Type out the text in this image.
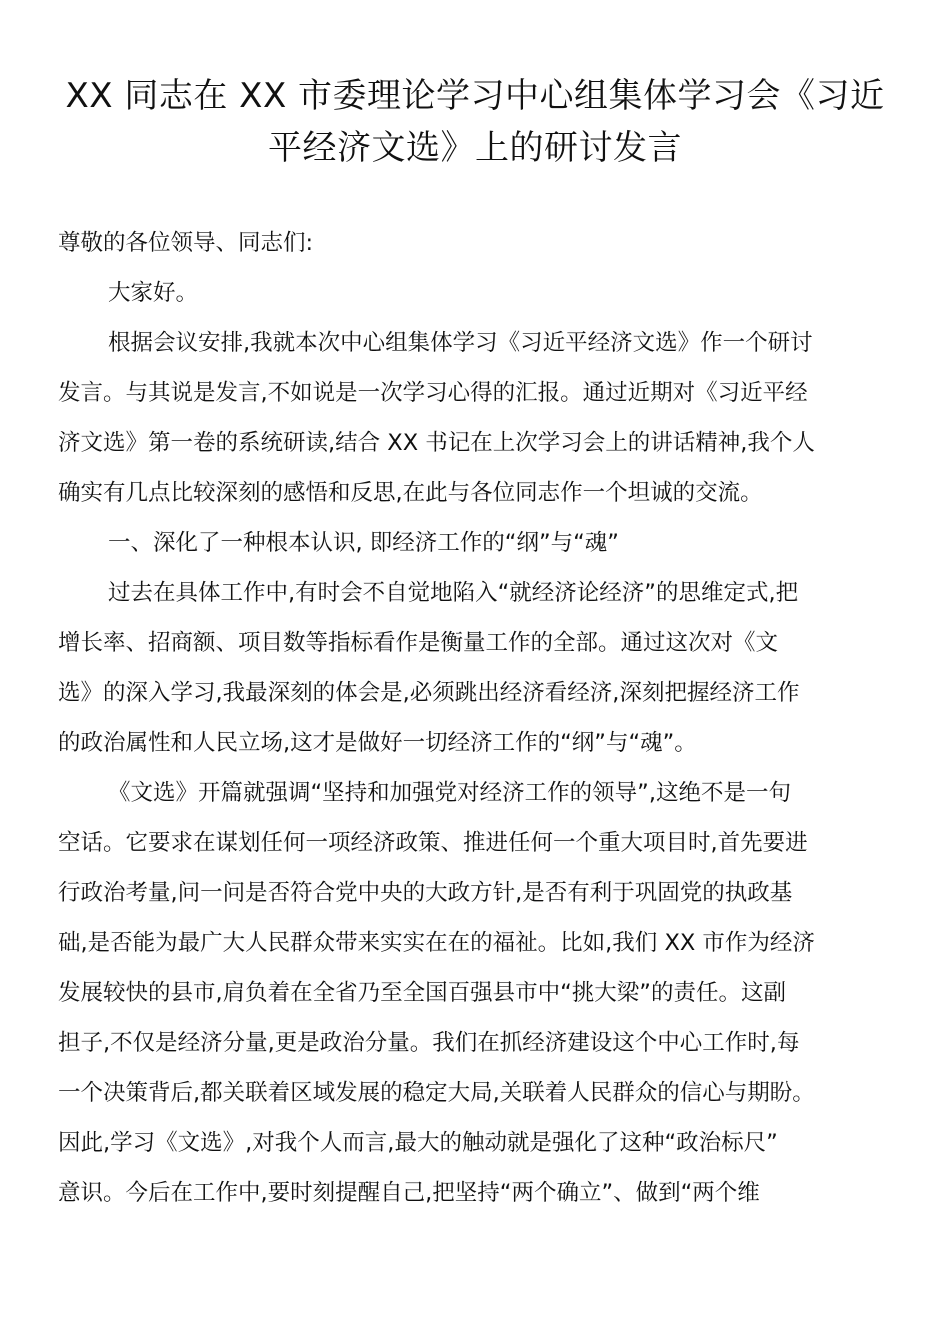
XX 同志在 XX 市委理论学习中心组集体学习会《习近
平经济文选》上的研讨发言
尊敬的各位领导、同志们:
大家好。
根据会议安排,我就本次中心组集体学习《习近平经济文选》作一个研讨
发言。与其说是发言,不如说是一次学习心得的汇报。通过近期对《习近平经
济文选》第一卷的系统研读,结合 XX 书记在上次学习会上的讲话精神,我个人
确实有几点比较深刻的感悟和反思,在此与各位同志作一个坦诚的交流。
一、深化了一种根本认识, 即经济工作的“纲”与“魂”
过去在具体工作中,有时会不自觉地陷入“就经济论经济”的思维定式,把
增长率、招商额、项目数等指标看作是衡量工作的全部。通过这次对《文
选》的深入学习,我最深刻的体会是,必须跳出经济看经济,深刻把握经济工作
的政治属性和人民立场,这才是做好一切经济工作的“纲”与“魂”。
《文选》开篇就强调“坚持和加强党对经济工作的领导”,这绝不是一句
空话。它要求在谋划任何一项经济政策、推进任何一个重大项目时,首先要进
行政治考量,问一问是否符合党中央的大政方针,是否有利于巩固党的执政基
础,是否能为最广大人民群众带来实实在在的福祉。比如,我们 XX 市作为经济
发展较快的县市,肩负着在全省乃至全国百强县市中“挑大梁”的责任。这副
担子,不仅是经济分量,更是政治分量。我们在抓经济建设这个中心工作时,每
一个决策背后,都关联着区域发展的稳定大局,关联着人民群众的信心与期盼。
因此,学习《文选》,对我个人而言,最大的触动就是强化了这种“政治标尺”
意识。今后在工作中,要时刻提醒自己,把坚持“两个确立”、做到“两个维
